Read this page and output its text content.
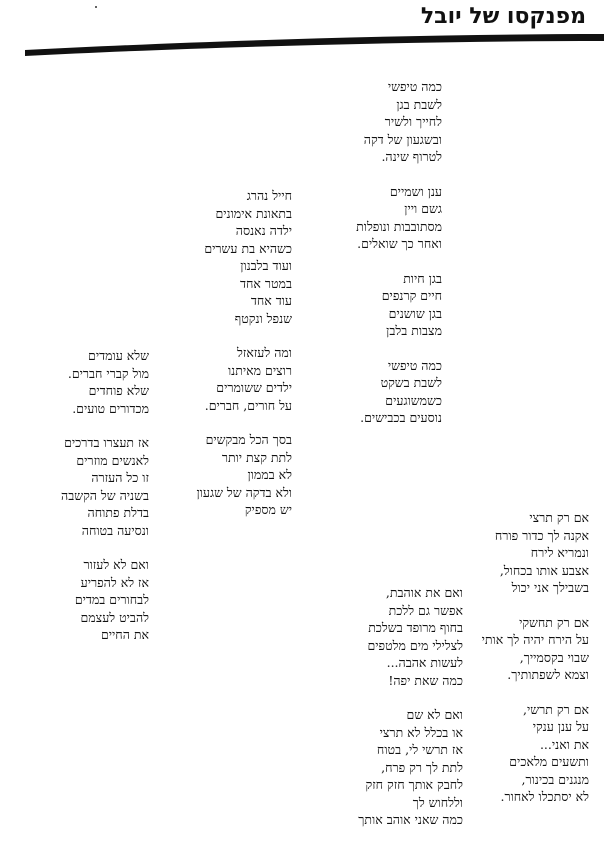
מפנקסו של יובל
כמה טיפשי
לשבת בגן
לחייך ולשיר
ובשגעון של דקה
לטרוף שינה.
ענן ושמיים
גשם ויין
מסתובבות ונופלות
ואחר כך שואלים.
בגן חיות
חיים קרנפים
בגן שושנים
מצבות בלבן
כמה טיפשי
לשבת בשקט
כשמשוגעים
נוסעים בכבישים.
חייל נהרג
בתאונת אימונים
ילדה נאנסה
כשהיא בת עשרים
ועוד בלבנון
במטר אחד
עוד אחד
שנפל ונקטף
ומה לעזאזל
רוצים מאיתנו
ילדים ששומרים
על חורים, חברים.
בסך הכל מבקשים
לתת קצת יותר
לא בממון
ולא בדקה של שגעון
יש מספיק
שלא עומדים
מול קברי חברים.
שלא פוחדים
מכדורים טועים.
אז תעצרו בדרכים
לאנשים מוזרים
זו כל העזרה
בשניה של הקשבה
בדלת פתוחה
ונסיעה בטוחה
ואם לא לעזור
אז לא להפריע
לבחורים במדים
להביט לעצמם
את החיים
אם רק תרצי
אקנה לך כדור פורח
ונמריא לירח
אצבע אותו בכחול,
בשבילך אני יכול
אם רק תחשקי
על הירח יהיה לך אותי
שבוי בקסמייך,
וצמא לשפתותיך.
אם רק תרשי,
על ענן ענקי
את ואני...
ותשעים מלאכים
מנגנים בכינור,
לא יסתכלו לאחור.
ואם את אוהבת,
אפשר גם ללכת
בחוף מרופד בשלכת
לצלילי מים מלטפים
לעשות אהבה...
כמה שאת יפה!
ואם לא שם
או בכלל לא תרצי
אז תרשי לי, בטוח
לתת לך רק פרח,
לחבק אותך חזק חזק
וללחוש לך
כמה שאני אוהב אותך
